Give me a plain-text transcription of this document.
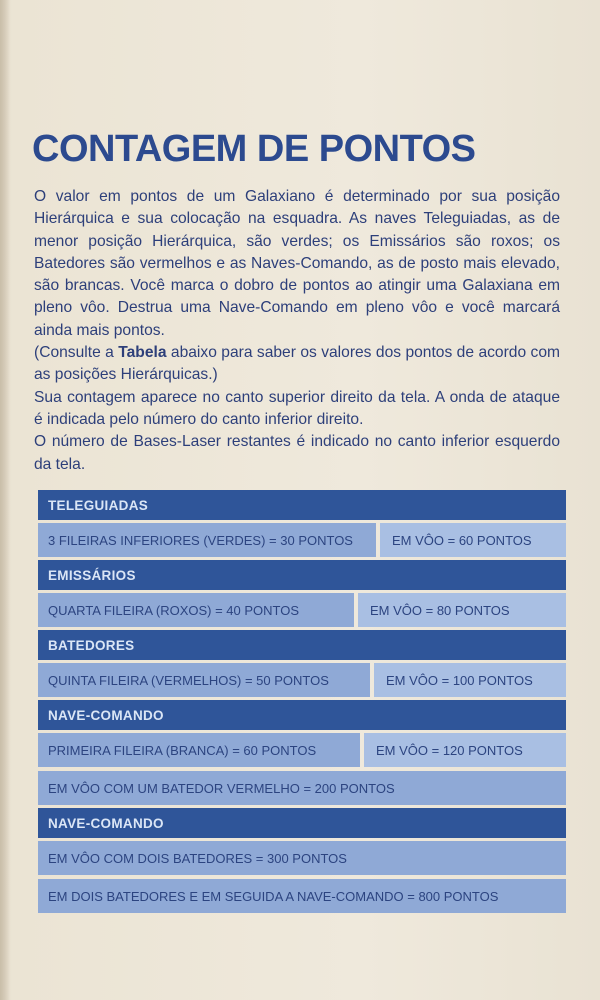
CONTAGEM DE PONTOS

O valor em pontos de um Galaxiano é determinado por sua posição Hierárquica e sua colocação na esquadra. As naves Teleguiadas, as de menor posição Hierárquica, são verdes; os Emissários são roxos; os Batedores são vermelhos e as Naves-Comando, as de posto mais elevado, são brancas. Você marca o dobro de pontos ao atingir uma Galaxiana em pleno vôo. Destrua uma Nave-Comando em pleno vôo e você marcará ainda mais pontos.

(Consulte a Tabela abaixo para saber os valores dos pontos de acordo com as posições Hierárquicas.)

Sua contagem aparece no canto superior direito da tela. A onda de ataque é indicada pelo número do canto inferior direito.

O número de Bases-Laser restantes é indicado no canto inferior esquerdo da tela.

TELEGUIADAS
3 FILEIRAS INFERIORES (VERDES) = 30 PONTOS	EM VÔO = 60 PONTOS
EMISSÁRIOS
QUARTA FILEIRA (ROXOS) = 40 PONTOS	EM VÔO = 80 PONTOS
BATEDORES
QUINTA FILEIRA (VERMELHOS) = 50 PONTOS	EM VÔO = 100 PONTOS
NAVE-COMANDO
PRIMEIRA FILEIRA (BRANCA) = 60 PONTOS	EM VÔO = 120 PONTOS
EM VÔO COM UM BATEDOR VERMELHO = 200 PONTOS
NAVE-COMANDO
EM VÔO COM DOIS BATEDORES = 300 PONTOS
EM DOIS BATEDORES E EM SEGUIDA A NAVE-COMANDO = 800 PONTOS
